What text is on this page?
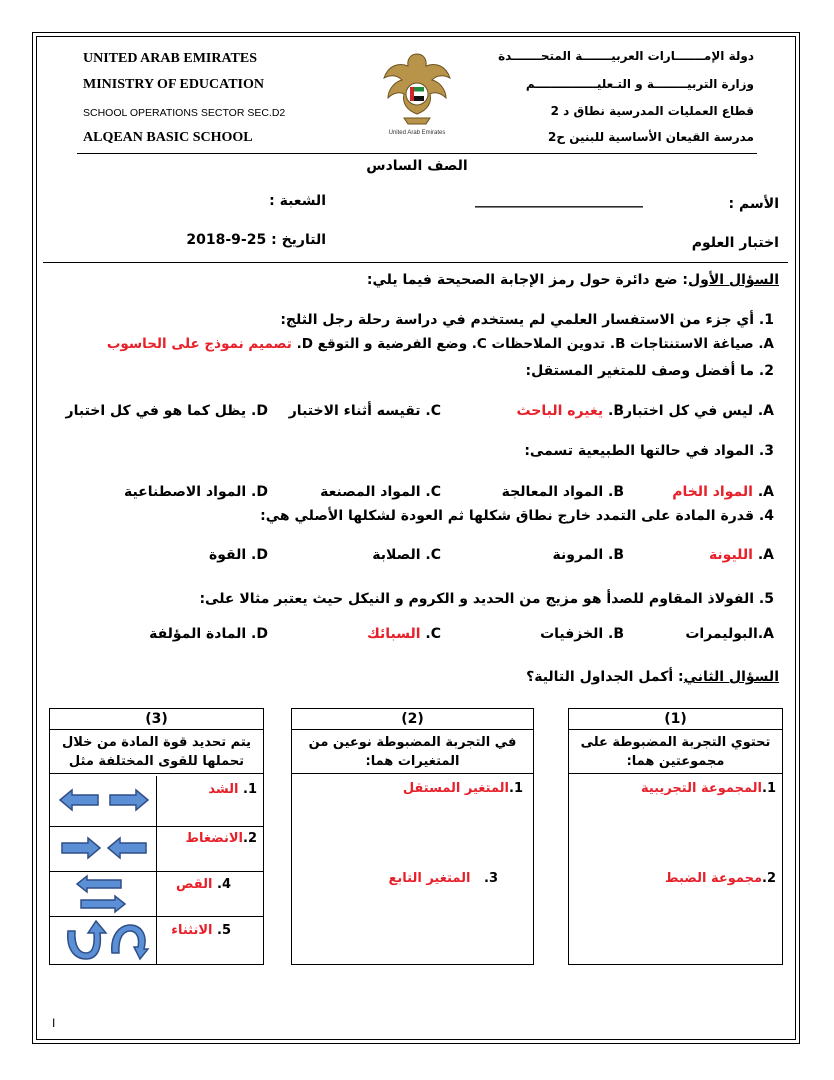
UNITED ARAB EMIRATES
MINISTRY OF EDUCATION
SCHOOL OPERATIONS SECTOR SEC.D2
ALQEAN BASIC SCHOOL	United Arab Emirates
دولة الإمـــــــارات العربيـــــــة المتحـــــــدة
وزارة التربيــــــــة و التـعليـــــــــــــــم
قطاع العمليات المدرسية نطاق د 2
مدرسة القيعان الأساسية للبنين ح2
الصف السادس
الأسم :
________________________
الشعبة :
اختبار العلوم
التاريخ : 25-9-2018
السؤال الأول: ضع دائرة حول رمز الإجابة الصحيحة فيما يلي:
1. أي جزء من الاستفسار العلمي لم يستخدم في دراسة رحلة رجل الثلج:
A. صياغة الاستنتاجات B. تدوين الملاحظات C. وضع الفرضية و التوقع D. تصميم نموذج على الحاسوب
2. ما أفضل وصف للمتغير المستقل:
A. ليس في كل اختبار
B. يغيره الباحث
C. تقيسه أثناء الاختبار
D. يظل كما هو في كل اختبار
3. المواد في حالتها الطبيعية تسمى:
A. المواد الخام
B. المواد المعالجة
C. المواد المصنعة
D. المواد الاصطناعية
4. قدرة المادة على التمدد خارج نطاق شكلها ثم العودة لشكلها الأصلي هي:
A. الليونة
B. المرونة
C. الصلابة
D. القوة
5. الفولاذ المقاوم للصدأ هو مزيج من الحديد و الكروم و النيكل حيث يعتبر مثالا على:
A.البوليمرات
B. الخزفيات
C. السبائك
D. المادة المؤلفة
السؤال الثاني: أكمل الجداول التالية؟
(1)
تحتوي التجربة المضبوطة على مجموعتين هما:
1.المجموعة التجريبية
2.مجموعة الضبط
(2)
في التجربة المضبوطة نوعين من المتغيرات هما:
1.المتغير المستقل
3.   المتغير التابع
(3)
يتم تحديد قوة المادة من خلال تحملها للقوى المختلفة مثل
1. الشد
2.الانضغاط
4. القص
5. الانثناء
I
